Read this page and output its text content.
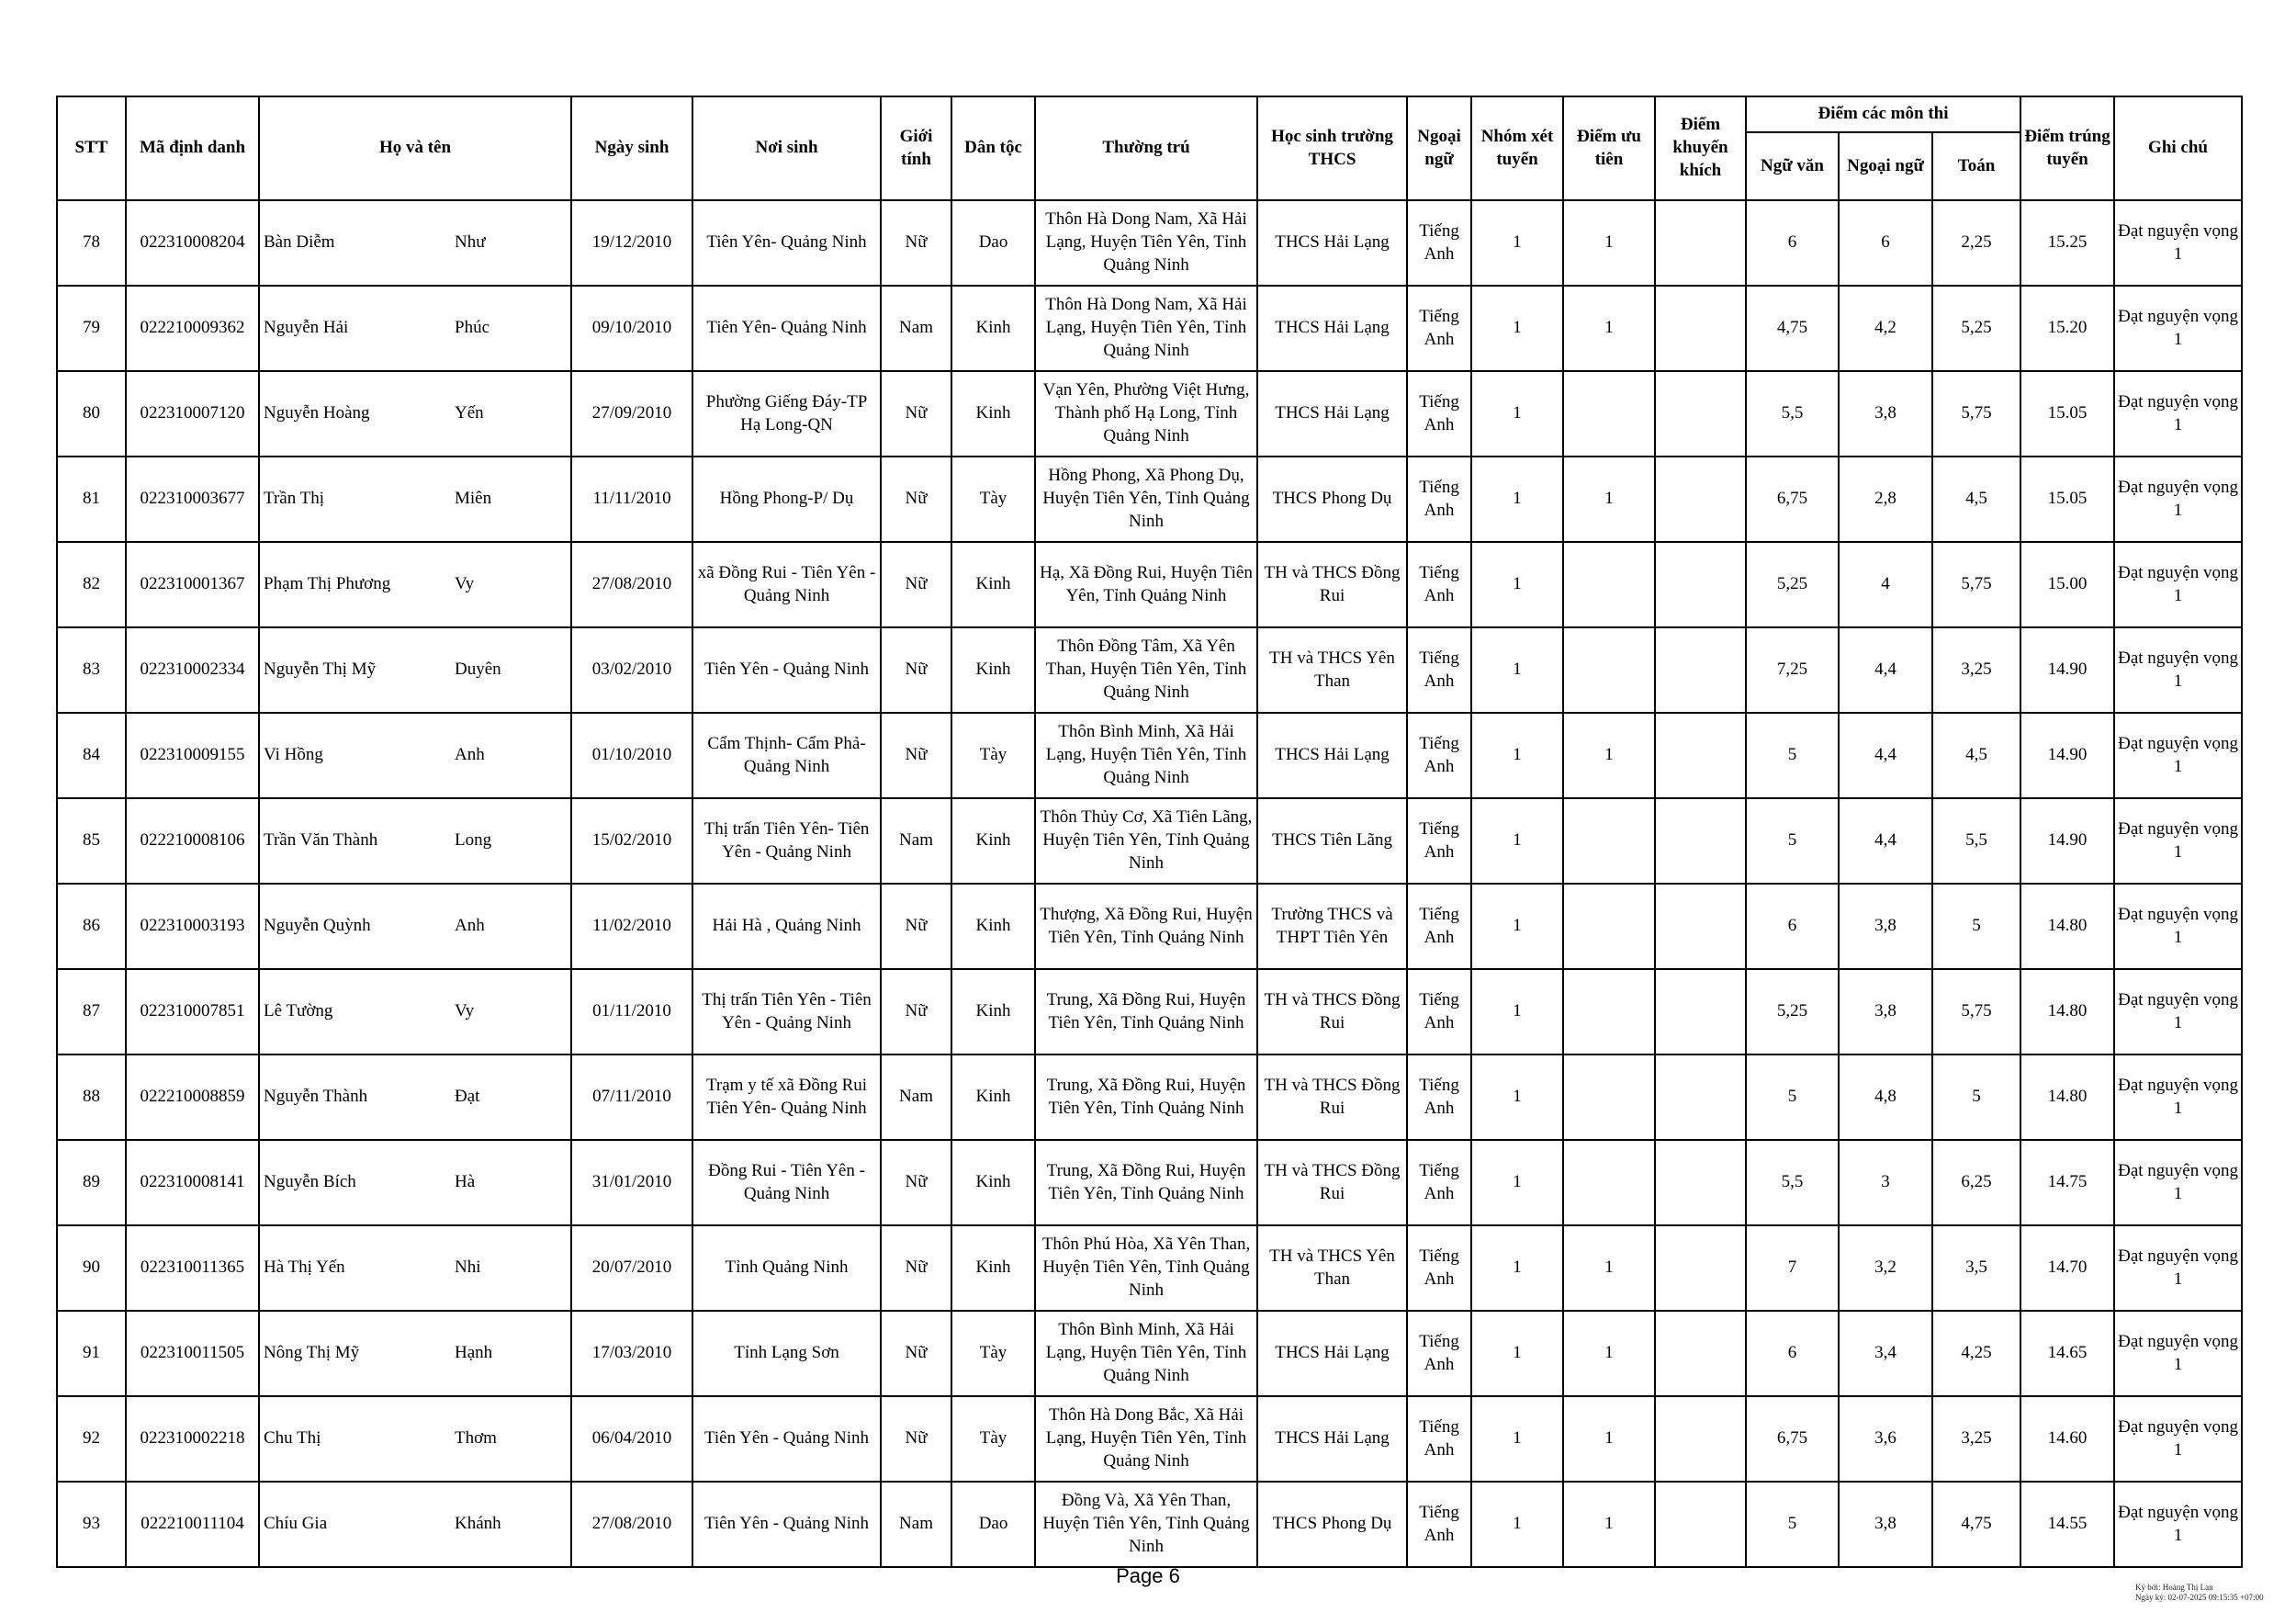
STT	Mã định danh	Họ và tên		Ngày sinh	Nơi sinh	Giới tính	Dân tộc	Thường trú	Học sinh trường THCS	Ngoại ngữ	Nhóm xét tuyển	Điểm ưu tiên	Điểm khuyến khích	Điểm các môn thi			Điểm trúng tuyển	Ghi chú
														Ngữ văn	Ngoại ngữ	Toán		
78	022310008204	Bàn Diễm	Như	19/12/2010	Tiên Yên- Quảng Ninh	Nữ	Dao	Thôn Hà Dong Nam, Xã Hải Lạng, Huyện Tiên Yên, Tỉnh Quảng Ninh	THCS Hải Lạng	Tiếng Anh	1	1		6	6	2,25	15.25	Đạt nguyện vọng 1
79	022210009362	Nguyễn Hải	Phúc	09/10/2010	Tiên Yên- Quảng Ninh	Nam	Kinh	Thôn Hà Dong Nam, Xã Hải Lạng, Huyện Tiên Yên, Tỉnh Quảng Ninh	THCS Hải Lạng	Tiếng Anh	1	1		4,75	4,2	5,25	15.20	Đạt nguyện vọng 1
80	022310007120	Nguyễn Hoàng	Yến	27/09/2010	Phường Giếng Đáy-TP Hạ Long-QN	Nữ	Kinh	Vạn Yên, Phường Việt Hưng, Thành phố Hạ Long, Tỉnh Quảng Ninh	THCS Hải Lạng	Tiếng Anh	1			5,5	3,8	5,75	15.05	Đạt nguyện vọng 1
81	022310003677	Trần Thị	Miên	11/11/2010	Hồng Phong-P/ Dụ	Nữ	Tày	Hồng Phong, Xã Phong Dụ, Huyện Tiên Yên, Tỉnh Quảng Ninh	THCS Phong Dụ	Tiếng Anh	1	1		6,75	2,8	4,5	15.05	Đạt nguyện vọng 1
82	022310001367	Phạm Thị Phương	Vy	27/08/2010	xã Đồng Rui - Tiên Yên - Quảng Ninh	Nữ	Kinh	Hạ, Xã Đồng Rui, Huyện Tiên Yên, Tỉnh Quảng Ninh	TH và THCS Đồng Rui	Tiếng Anh	1			5,25	4	5,75	15.00	Đạt nguyện vọng 1
83	022310002334	Nguyễn Thị Mỹ	Duyên	03/02/2010	Tiên Yên - Quảng Ninh	Nữ	Kinh	Thôn Đồng Tâm, Xã Yên Than, Huyện Tiên Yên, Tỉnh Quảng Ninh	TH và THCS Yên Than	Tiếng Anh	1			7,25	4,4	3,25	14.90	Đạt nguyện vọng 1
84	022310009155	Vi Hồng	Anh	01/10/2010	Cẩm Thịnh- Cẩm Phả-Quảng Ninh	Nữ	Tày	Thôn Bình Minh, Xã Hải Lạng, Huyện Tiên Yên, Tỉnh Quảng Ninh	THCS Hải Lạng	Tiếng Anh	1	1		5	4,4	4,5	14.90	Đạt nguyện vọng 1
85	022210008106	Trần Văn Thành	Long	15/02/2010	Thị trấn Tiên Yên- Tiên Yên - Quảng Ninh	Nam	Kinh	Thôn Thủy Cơ, Xã Tiên Lãng, Huyện Tiên Yên, Tỉnh Quảng Ninh	THCS Tiên Lãng	Tiếng Anh	1			5	4,4	5,5	14.90	Đạt nguyện vọng 1
86	022310003193	Nguyễn Quỳnh	Anh	11/02/2010	Hải Hà , Quảng Ninh	Nữ	Kinh	Thượng, Xã Đồng Rui, Huyện Tiên Yên, Tỉnh Quảng Ninh	Trường THCS và THPT Tiên Yên	Tiếng Anh	1			6	3,8	5	14.80	Đạt nguyện vọng 1
87	022310007851	Lê Tường	Vy	01/11/2010	Thị trấn Tiên Yên - Tiên Yên - Quảng Ninh	Nữ	Kinh	Trung, Xã Đồng Rui, Huyện Tiên Yên, Tỉnh Quảng Ninh	TH và THCS Đồng Rui	Tiếng Anh	1			5,25	3,8	5,75	14.80	Đạt nguyện vọng 1
88	022210008859	Nguyễn Thành	Đạt	07/11/2010	Trạm y tế xã Đồng Rui Tiên Yên- Quảng Ninh	Nam	Kinh	Trung, Xã Đồng Rui, Huyện Tiên Yên, Tỉnh Quảng Ninh	TH và THCS Đồng Rui	Tiếng Anh	1			5	4,8	5	14.80	Đạt nguyện vọng 1
89	022310008141	Nguyễn Bích	Hà	31/01/2010	Đồng Rui - Tiên Yên - Quảng Ninh	Nữ	Kinh	Trung, Xã Đồng Rui, Huyện Tiên Yên, Tỉnh Quảng Ninh	TH và THCS Đồng Rui	Tiếng Anh	1			5,5	3	6,25	14.75	Đạt nguyện vọng 1
90	022310011365	Hà Thị Yến	Nhi	20/07/2010	Tỉnh Quảng Ninh	Nữ	Kinh	Thôn Phú Hòa, Xã Yên Than, Huyện Tiên Yên, Tỉnh Quảng Ninh	TH và THCS Yên Than	Tiếng Anh	1	1		7	3,2	3,5	14.70	Đạt nguyện vọng 1
91	022310011505	Nông Thị Mỹ	Hạnh	17/03/2010	Tỉnh Lạng Sơn	Nữ	Tày	Thôn Bình Minh, Xã Hải Lạng, Huyện Tiên Yên, Tỉnh Quảng Ninh	THCS Hải Lạng	Tiếng Anh	1	1		6	3,4	4,25	14.65	Đạt nguyện vọng 1
92	022310002218	Chu Thị	Thơm	06/04/2010	Tiên Yên - Quảng Ninh	Nữ	Tày	Thôn Hà Dong Bắc, Xã Hải Lạng, Huyện Tiên Yên, Tỉnh Quảng Ninh	THCS Hải Lạng	Tiếng Anh	1	1		6,75	3,6	3,25	14.60	Đạt nguyện vọng 1
93	022210011104	Chíu Gia	Khánh	27/08/2010	Tiên Yên - Quảng Ninh	Nam	Dao	Đồng Và, Xã Yên Than, Huyện Tiên Yên, Tỉnh Quảng Ninh	THCS Phong Dụ	Tiếng Anh	1	1		5	3,8	4,75	14.55	Đạt nguyện vọng 1
Page 6	Ký bởi: Hoàng Thị Lan
Ngày ký: 02-07-2025 09:15:35 +07:00
